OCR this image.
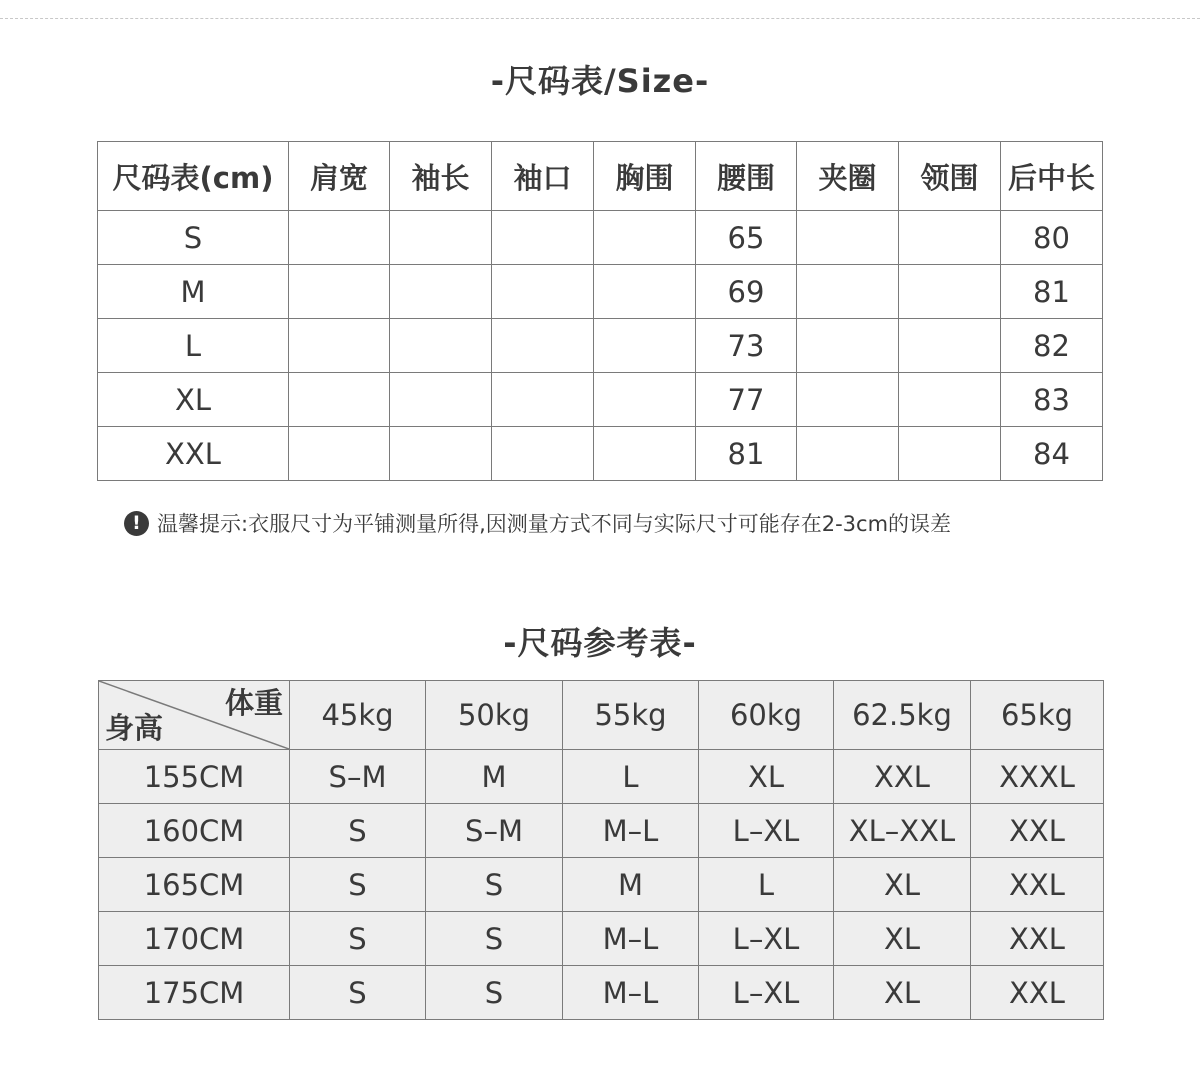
-尺码表/Size-
尺码表(cm)	肩宽	袖长	袖口	胸围	腰围	夹圈	领围	后中长
S					65			80
M					69			81
L					73			82
XL					77			83
XXL					81			84
! 温馨提示:衣服尺寸为平铺测量所得,因测量方式不同与实际尺寸可能存在2-3cm的误差
-尺码参考表-
体重
身高	45kg	50kg	55kg	60kg	62.5kg	65kg
155CM	S–M	M	L	XL	XXL	XXXL
160CM	S	S–M	M–L	L–XL	XL–XXL	XXL
165CM	S	S	M	L	XL	XXL
170CM	S	S	M–L	L–XL	XL	XXL
175CM	S	S	M–L	L–XL	XL	XXL
